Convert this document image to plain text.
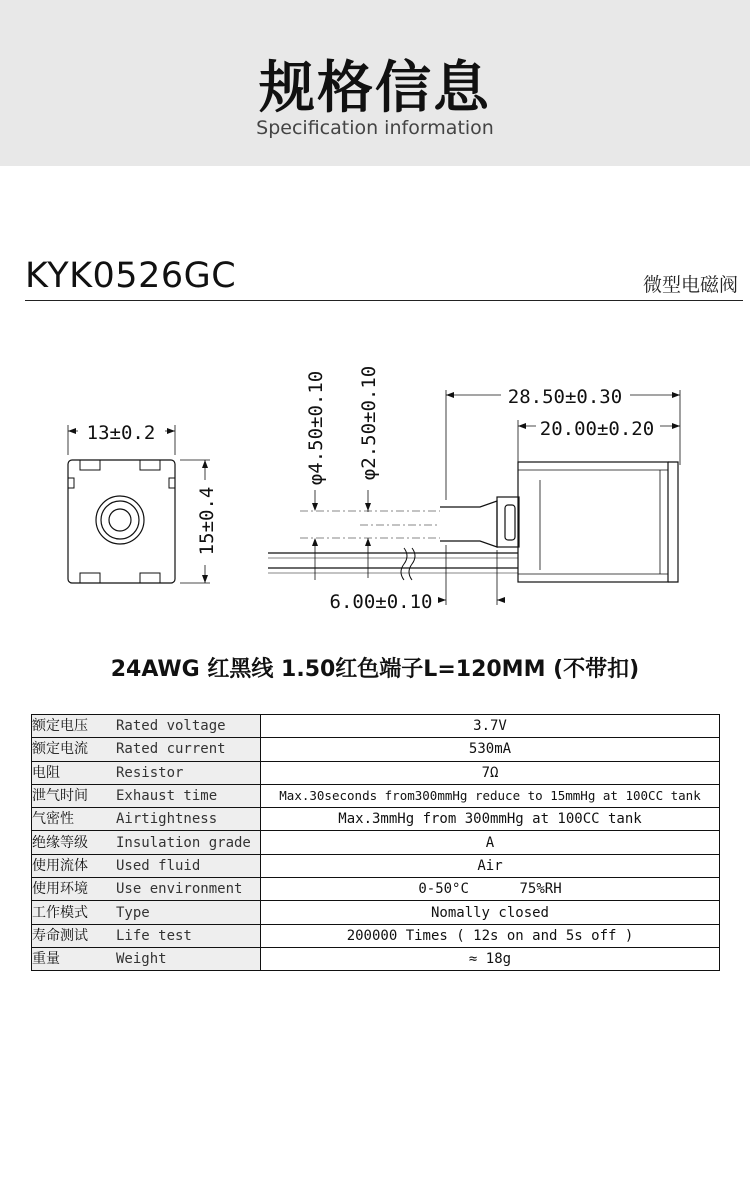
规格信息
Specification information
KYK0526GC	微型电磁阀
13±0.2
15±0.4
φ4.50±0.10 φ2.50±0.10	28.50±0.30
20.00±0.20
6.00±0.10
24AWG 红黑线 1.50红色端子L=120MM (不带扣)
额定电压	Rated voltage	3.7V
额定电流	Rated current	530mA
电阻	Resistor	7Ω
泄气时间	Exhaust time	Max.30seconds from300mmHg reduce to 15mmHg at 100CC tank
气密性	Airtightness	Max.3mmHg from 300mmHg at 100CC tank
绝缘等级	Insulation grade	A
使用流体	Used fluid	Air
使用环境	Use environment	0-50°C      75%RH
工作模式	Type	Nomally closed
寿命测试	Life test	200000 Times ( 12s on and 5s off )
重量	Weight	≈ 18g
